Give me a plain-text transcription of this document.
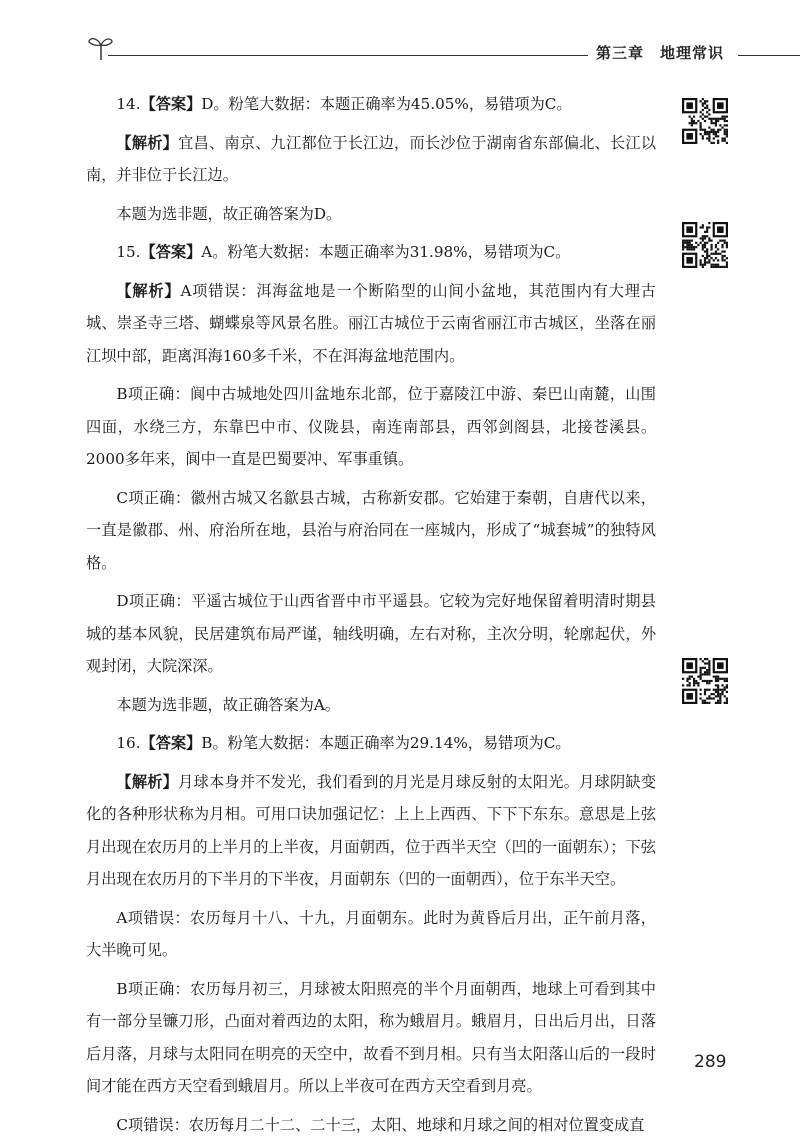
第三章　地理常识

14.【答案】D。粉笔大数据：本题正确率为45.05%，易错项为C。

【解析】宜昌、南京、九江都位于长江边，而长沙位于湖南省东部偏北、长江以南，并非位于长江边。

本题为选非题，故正确答案为D。

15.【答案】A。粉笔大数据：本题正确率为31.98%，易错项为C。

【解析】A项错误：洱海盆地是一个断陷型的山间小盆地，其范围内有大理古城、崇圣寺三塔、蝴蝶泉等风景名胜。丽江古城位于云南省丽江市古城区，坐落在丽江坝中部，距离洱海160多千米，不在洱海盆地范围内。

B项正确：阆中古城地处四川盆地东北部，位于嘉陵江中游、秦巴山南麓，山围四面，水绕三方，东靠巴中市、仪陇县，南连南部县，西邻剑阁县，北接苍溪县。2000多年来，阆中一直是巴蜀要冲、军事重镇。

C项正确：徽州古城又名歙县古城，古称新安郡。它始建于秦朝，自唐代以来，一直是徽郡、州、府治所在地，县治与府治同在一座城内，形成了“城套城”的独特风格。

D项正确：平遥古城位于山西省晋中市平遥县。它较为完好地保留着明清时期县城的基本风貌，民居建筑布局严谨，轴线明确，左右对称，主次分明，轮廓起伏，外观封闭，大院深深。

本题为选非题，故正确答案为A。

16.【答案】B。粉笔大数据：本题正确率为29.14%，易错项为C。

【解析】月球本身并不发光，我们看到的月光是月球反射的太阳光。月球阴缺变化的各种形状称为月相。可用口诀加强记忆：上上上西西、下下下东东。意思是上弦月出现在农历月的上半月的上半夜，月面朝西，位于西半天空（凹的一面朝东）；下弦月出现在农历月的下半月的下半夜，月面朝东（凹的一面朝西），位于东半天空。

A项错误：农历每月十八、十九，月面朝东。此时为黄昏后月出，正午前月落，大半晚可见。

B项正确：农历每月初三，月球被太阳照亮的半个月面朝西，地球上可看到其中有一部分呈镰刀形，凸面对着西边的太阳，称为蛾眉月。蛾眉月，日出后月出，日落后月落，月球与太阳同在明亮的天空中，故看不到月相。只有当太阳落山后的一段时间才能在西方天空看到蛾眉月。所以上半夜可在西方天空看到月亮。

C项错误：农历每月二十二、二十三，太阳、地球和月球之间的相对位置变成直

289
